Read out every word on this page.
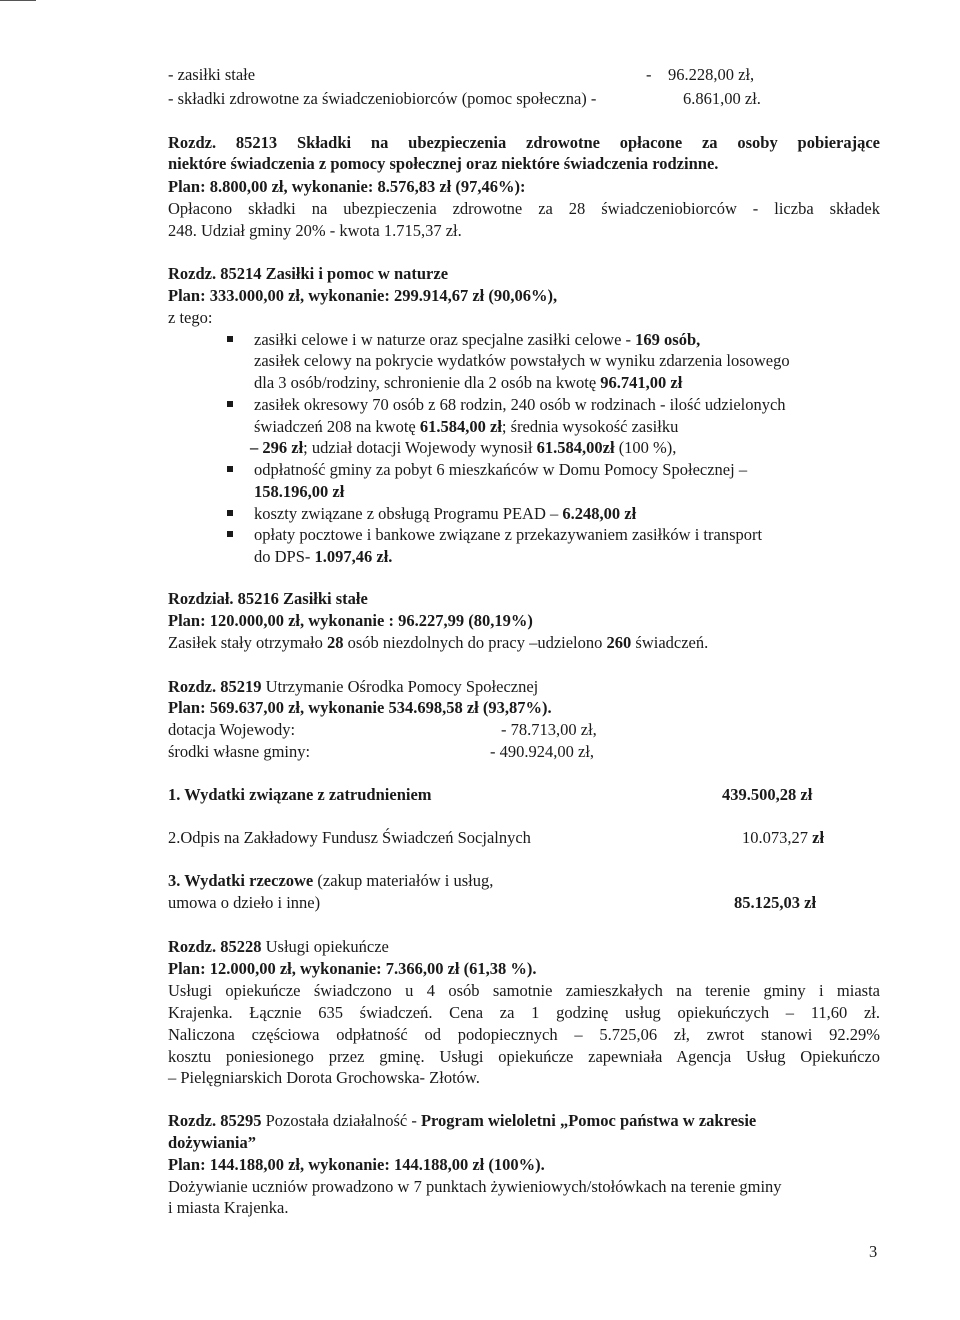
- zasiłki stałe	- 96.228,00 zł,
- składki zdrowotne za świadczeniobiorców (pomoc społeczna) -	6.861,00 zł.
Rozdz. 85213 Składki na ubezpieczenia zdrowotne opłacone za osoby pobierające
niektóre świadczenia z pomocy społecznej oraz niektóre świadczenia rodzinne.
Plan: 8.800,00 zł, wykonanie: 8.576,83 zł (97,46%):
Opłacono składki na ubezpieczenia zdrowotne za 28 świadczeniobiorców - liczba składek
248. Udział gminy 20% - kwota 1.715,37 zł.
Rozdz. 85214 Zasiłki i pomoc w naturze
Plan: 333.000,00 zł, wykonanie: 299.914,67 zł (90,06%),
z tego:
zasiłki celowe i w naturze oraz specjalne zasiłki celowe - 169 osób,
zasiłek celowy na pokrycie wydatków powstałych w wyniku zdarzenia losowego
dla 3 osób/rodziny, schronienie dla 2 osób na kwotę 96.741,00 zł
zasiłek okresowy 70 osób z 68 rodzin, 240 osób w rodzinach - ilość udzielonych
świadczeń 208 na kwotę 61.584,00 zł; średnia wysokość zasiłku
– 296 zł; udział dotacji Wojewody wynosił 61.584,00zł (100 %),
odpłatność gminy za pobyt 6 mieszkańców w Domu Pomocy Społecznej –
158.196,00 zł
koszty związane z obsługą Programu PEAD – 6.248,00 zł
opłaty pocztowe i bankowe związane z przekazywaniem zasiłków i transport
do DPS- 1.097,46 zł.
Rozdział. 85216 Zasiłki stałe
Plan: 120.000,00 zł, wykonanie : 96.227,99 (80,19%)
Zasiłek stały otrzymało 28 osób niezdolnych do pracy –udzielono 260 świadczeń.
Rozdz. 85219 Utrzymanie Ośrodka Pomocy Społecznej
Plan: 569.637,00 zł, wykonanie 534.698,58 zł (93,87%).
dotacja Wojewody:	- 78.713,00 zł,
środki własne gminy:	- 490.924,00 zł,
1. Wydatki związane z zatrudnieniem	439.500,28 zł
2.Odpis na Zakładowy Fundusz Świadczeń Socjalnych	10.073,27 zł
3. Wydatki rzeczowe (zakup materiałów i usług,
umowa o dzieło i inne)	85.125,03 zł
Rozdz. 85228 Usługi opiekuńcze
Plan: 12.000,00 zł, wykonanie: 7.366,00 zł (61,38 %).
Usługi opiekuńcze świadczono u 4 osób samotnie zamieszkałych na terenie gminy i miasta
Krajenka. Łącznie 635 świadczeń. Cena za 1 godzinę usług opiekuńczych – 11,60 zł.
Naliczona częściowa odpłatność od podopiecznych – 5.725,06 zł, zwrot stanowi 92.29%
kosztu poniesionego przez gminę. Usługi opiekuńcze zapewniała Agencja Usług Opiekuńczo
– Pielęgniarskich Dorota Grochowska- Złotów.
Rozdz. 85295 Pozostała działalność - Program wieloletni „Pomoc państwa w zakresie
dożywiania”
Plan: 144.188,00 zł, wykonanie: 144.188,00 zł (100%).
Dożywianie uczniów prowadzono w 7 punktach żywieniowych/stołówkach na terenie gminy
i miasta Krajenka.
3
